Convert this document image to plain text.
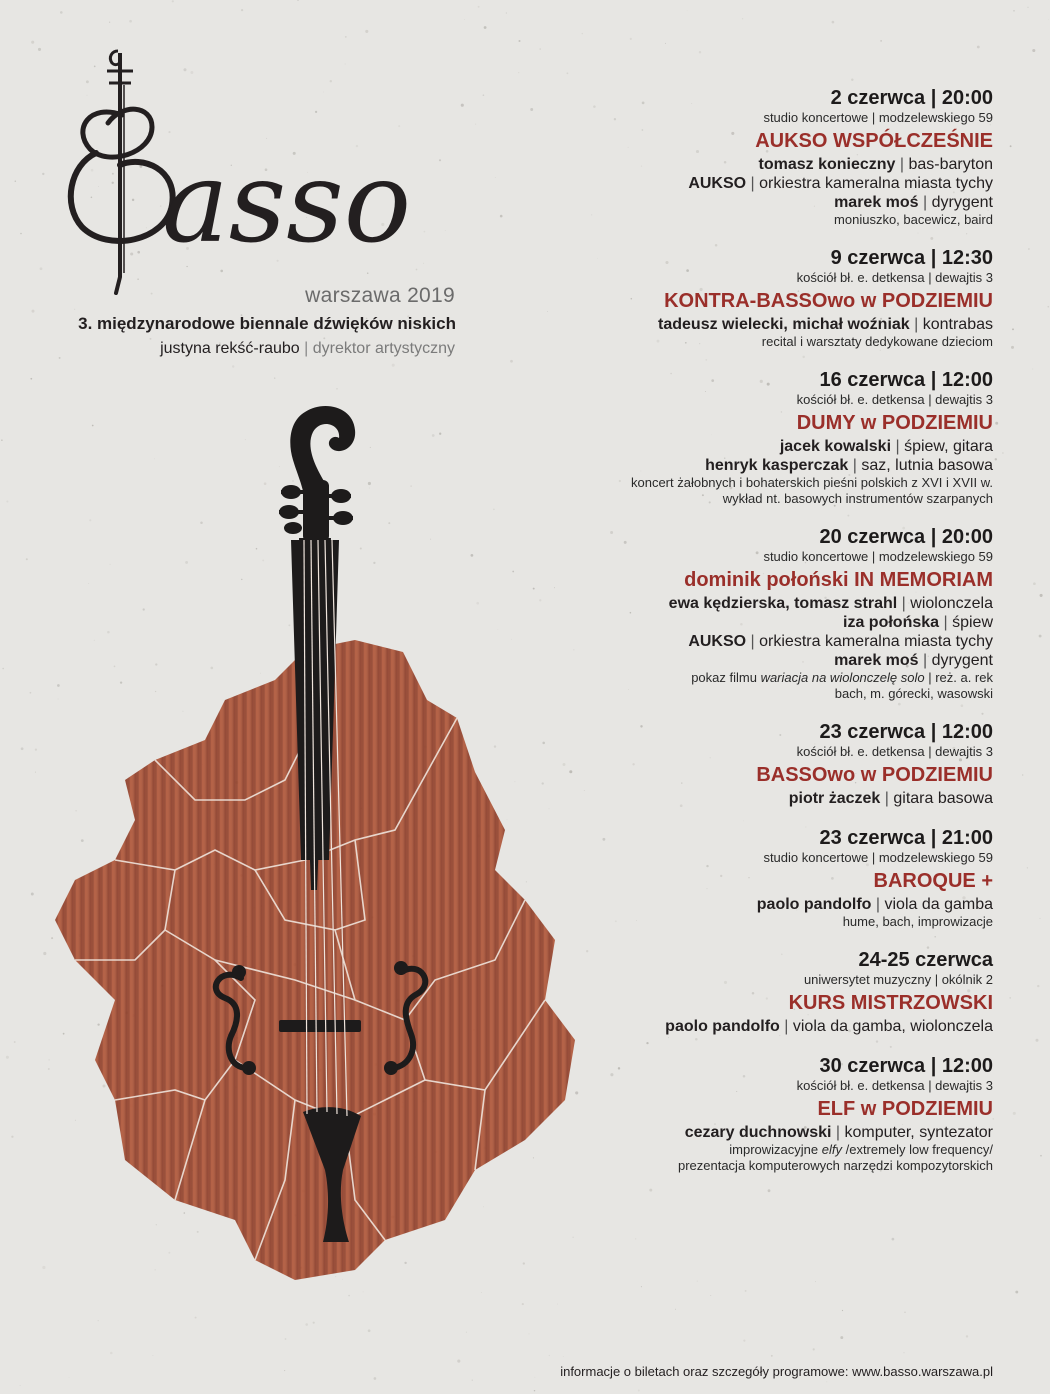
asso
warszawa 2019
3. międzynarodowe biennale dźwięków niskich
justyna rekść-raubo | dyrektor artystyczny
2 czerwca | 20:00
studio koncertowe | modzelewskiego 59
AUKSO WSPÓŁCZEŚNIE
tomasz konieczny | bas-baryton
AUKSO | orkiestra kameralna miasta tychy
marek moś | dyrygent
moniuszko, bacewicz, baird
9 czerwca | 12:30
kościół bł. e. detkensa | dewajtis 3
KONTRA-BASSOwo w PODZIEMIU
tadeusz wielecki, michał woźniak | kontrabas
recital i warsztaty dedykowane dzieciom
16 czerwca | 12:00
kościół bł. e. detkensa | dewajtis 3
DUMY w PODZIEMIU
jacek kowalski | śpiew, gitara
henryk kasperczak | saz, lutnia basowa
koncert żałobnych i bohaterskich pieśni polskich z XVI i XVII w.
wykład nt. basowych instrumentów szarpanych
20 czerwca | 20:00
studio koncertowe | modzelewskiego 59
dominik połoński IN MEMORIAM
ewa kędzierska, tomasz strahl | wiolonczela
iza połońska | śpiew
AUKSO | orkiestra kameralna miasta tychy
marek moś | dyrygent
pokaz filmu wariacja na wiolonczelę solo | reż. a. rek
bach, m. górecki, wasowski
23 czerwca | 12:00
kościół bł. e. detkensa | dewajtis 3
BASSOwo w PODZIEMIU
piotr żaczek | gitara basowa
23 czerwca | 21:00
studio koncertowe | modzelewskiego 59
BAROQUE +
paolo pandolfo | viola da gamba
hume, bach, improwizacje
24-25 czerwca
uniwersytet muzyczny | okólnik 2
KURS MISTRZOWSKI
paolo pandolfo | viola da gamba, wiolonczela
30 czerwca | 12:00
kościół bł. e. detkensa | dewajtis 3
ELF w PODZIEMIU
cezary duchnowski | komputer, syntezator
improwizacyjne elfy /extremely low frequency/
prezentacja komputerowych narzędzi kompozytorskich
informacje o biletach oraz szczegóły programowe: www.basso.warszawa.pl
